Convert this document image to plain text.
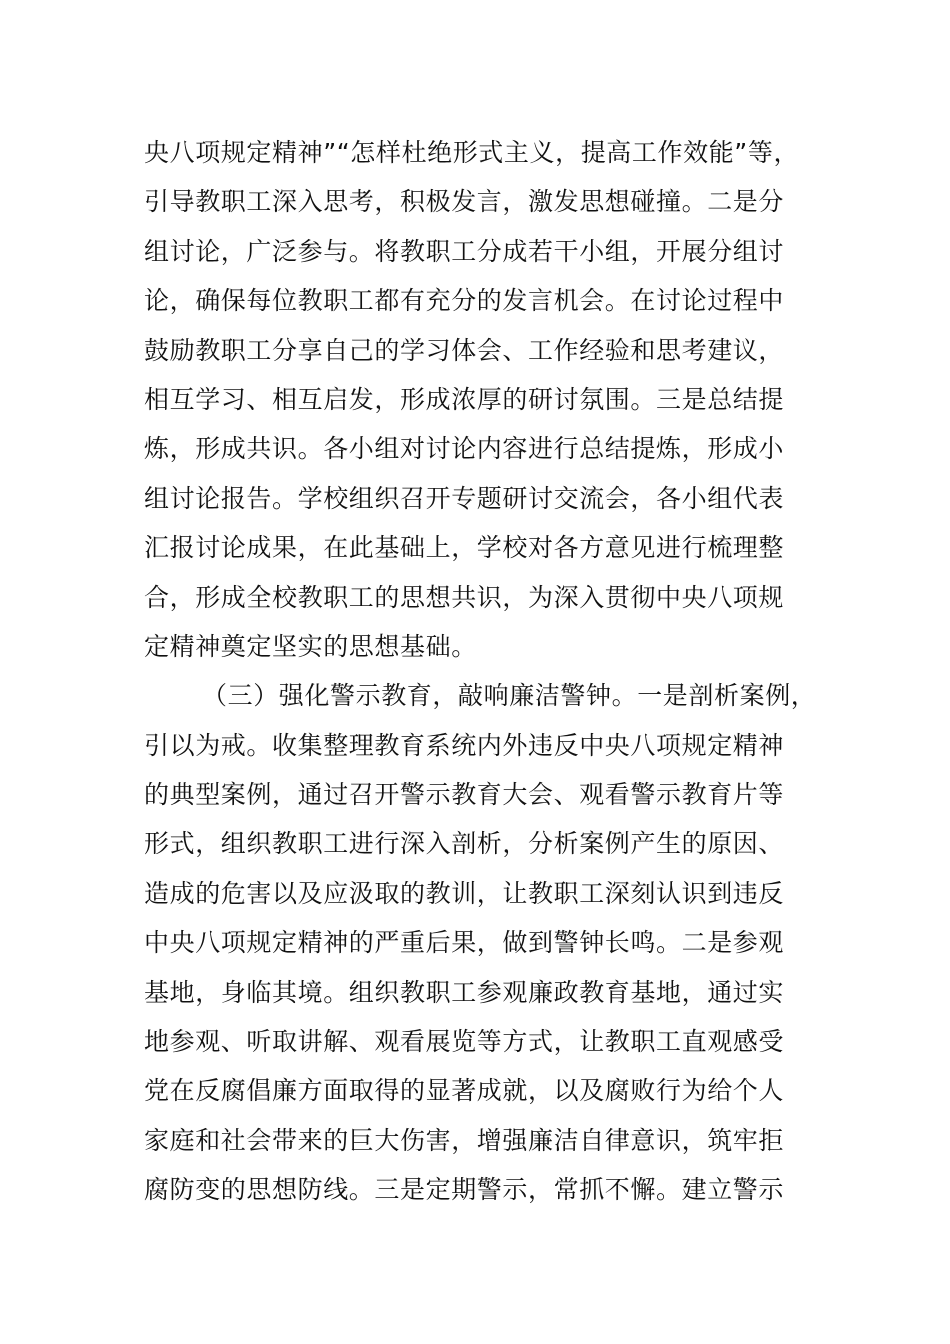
央八项规定精神”“怎样杜绝形式主义，提高工作效能”等，
引导教职工深入思考，积极发言，激发思想碰撞。二是分
组讨论，广泛参与。将教职工分成若干小组，开展分组讨
论，确保每位教职工都有充分的发言机会。在讨论过程中
鼓励教职工分享自己的学习体会、工作经验和思考建议，
相互学习、相互启发，形成浓厚的研讨氛围。三是总结提
炼，形成共识。各小组对讨论内容进行总结提炼，形成小
组讨论报告。学校组织召开专题研讨交流会，各小组代表
汇报讨论成果，在此基础上，学校对各方意见进行梳理整
合，形成全校教职工的思想共识，为深入贯彻中央八项规
定精神奠定坚实的思想基础。
（三）强化警示教育，敲响廉洁警钟。一是剖析案例，
引以为戒。收集整理教育系统内外违反中央八项规定精神
的典型案例，通过召开警示教育大会、观看警示教育片等
形式，组织教职工进行深入剖析，分析案例产生的原因、
造成的危害以及应汲取的教训，让教职工深刻认识到违反
中央八项规定精神的严重后果，做到警钟长鸣。二是参观
基地，身临其境。组织教职工参观廉政教育基地，通过实
地参观、听取讲解、观看展览等方式，让教职工直观感受
党在反腐倡廉方面取得的显著成就，以及腐败行为给个人
家庭和社会带来的巨大伤害，增强廉洁自律意识，筑牢拒
腐防变的思想防线。三是定期警示，常抓不懈。建立警示
